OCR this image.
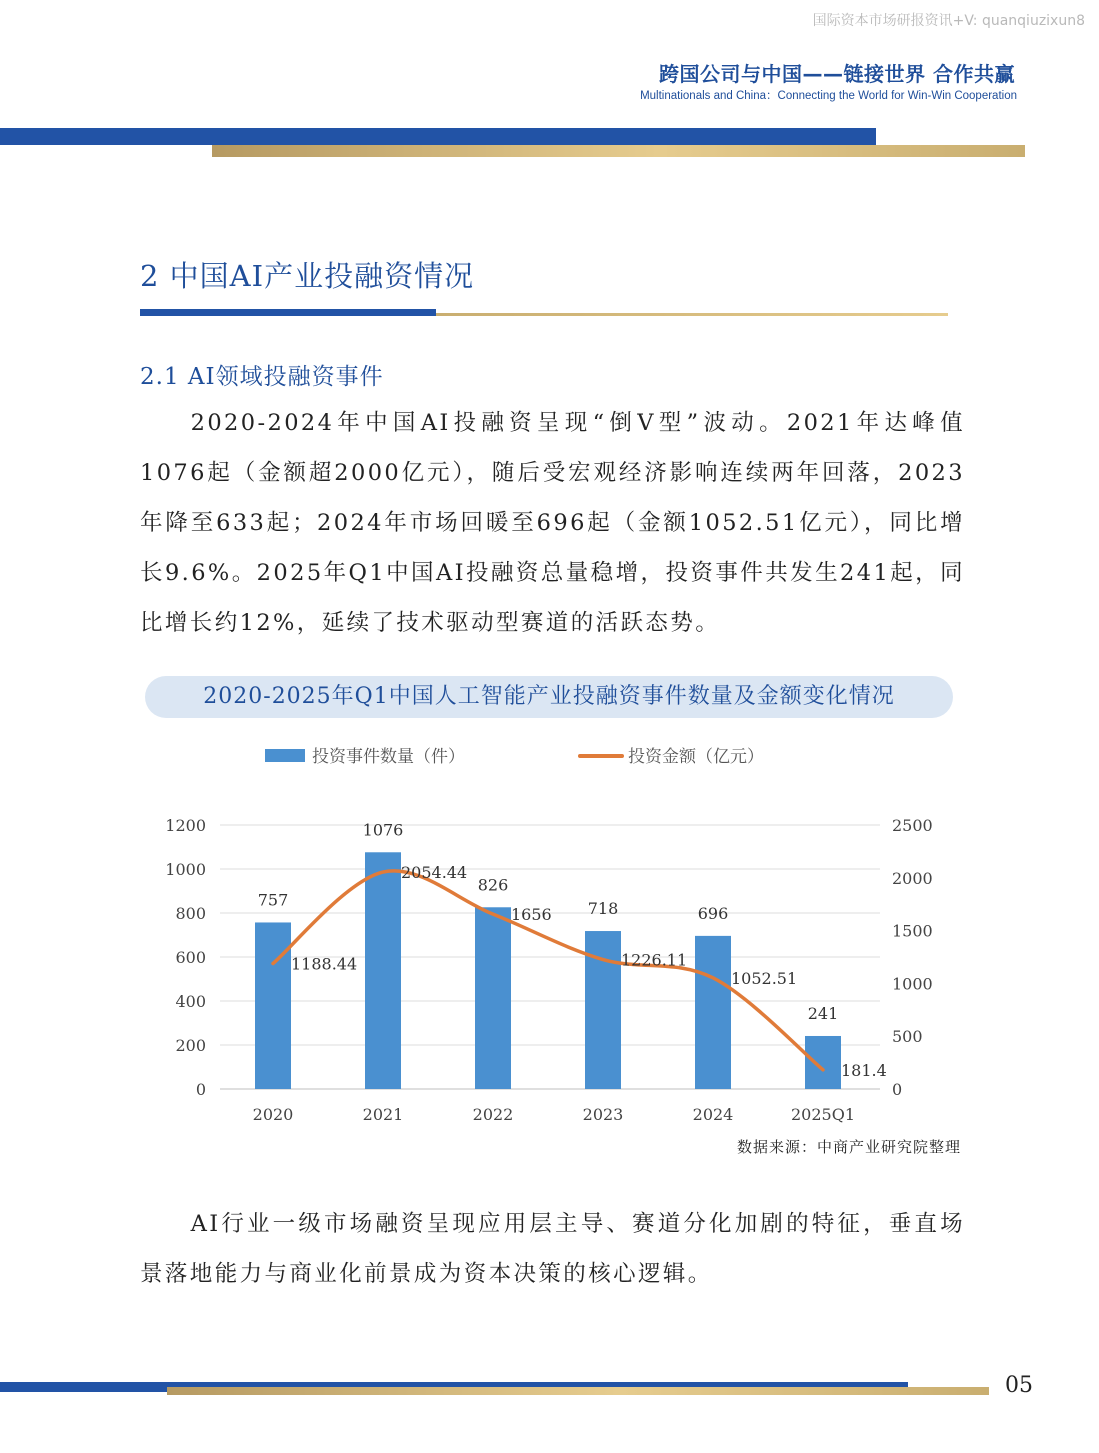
国际资本市场研报资讯+V: quanqiuzixun8
跨国公司与中国——链接世界 合作共赢
Multinationals and China：Connecting the World for Win-Win Cooperation
2 中国AI产业投融资情况
2.1 AI领域投融资事件

2020-2024年中国AI投融资呈现“倒V型”波动。2021年达峰值1076起（金额超2000亿元），随后受宏观经济影响连续两年回落，2023年降至633起；2024年市场回暖至696起（金额1052.51亿元），同比增长9.6%。2025年Q1中国AI投融资总量稳增，投资事件共发生241起，同比增长约12%，延续了技术驱动型赛道的活跃态势。

2020-2025年Q1中国人工智能产业投融资事件数量及金额变化情况
投资事件数量（件）	投资金额（亿元）
0
200
400
600
800
1000
1200
0
500
1000
1500
2000
2500
757
1076
826
718	696
241
2020	2021	2022	2023	2024	2025Q1
1188.44
2054.44
1656
1226.11
1052.51
181.4
数据来源：中商产业研究院整理

AI行业一级市场融资呈现应用层主导、赛道分化加剧的特征，垂直场景落地能力与商业化前景成为资本决策的核心逻辑。

05
